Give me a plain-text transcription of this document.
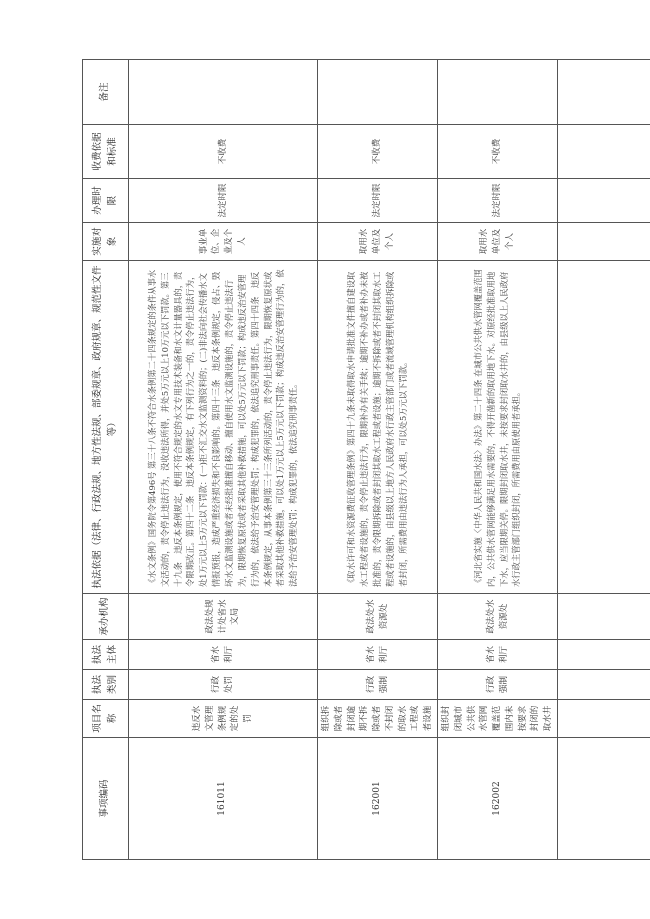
事项编码	项目名称	执法类别	执法主体	承办机构	执法依据（法律、行政法规、地方性法规、部委规章、政府规章、规范性文件等）	实施对象	办理时限	收费依据和标准	备注
161011	违反水文管理条例规定的处罚	行政处罚	省水利厅	政法处规计处省水文局	《水文条例》国务院令第496号 第三十八条不符合水条例第二十四条规定的条件从事水文活动的，责令停止违法行为，没收违法所得，并处5万元以上10万元以下罚款。第三十九条　违反本条例规定，使用不符合规定的水文专用技术装备和水文计量器具的，责令限期改正。第四十二条　违反本条例规定，有下列行为之一的，责令停止违法行为，处1万元以上5万元以下罚款：(一)拒不汇交水文监测资料的；(二)非法向社会传播水文情报预报，造成严重经济损失和不良影响的。第四十三条　违反本条例规定，侵占、毁坏水文监测设施或者未经批准擅自移动、擅自使用水文监测设施的，责令停止违法行为，限期恢复原状或者采取其他补救措施，可以处5万元以下罚款；构成违反治安管理行为的，依法给予治安管理处罚；构成犯罪的，依法追究刑事责任。第四十四条　违反本条例规定，从事本条例第三十三条所列活动的，责令停止违法行为，限期恢复原状或者采取其他补救措施，可以处1万元以上5万元以下罚款；构成违反治安管理行为的，依法给予治安管理处罚；构成犯罪的，依法追究刑事责任。	事业单位、企业及个人	法定时限	不收费	
162001	组织拆除或者封闭逾期不拆除或者不封闭的取水工程或者设施	行政强制	省水利厅	政法处水资源处	《取水许可和水资源费征收管理条例》第四十九条未取得取水申请批准文件擅自建设取水工程或者设施的，责令停止违法行为，限期补办有关手续；逾期不补办或者补办未被批准的，责令限期拆除或者封闭其取水工程或者设施；逾期不拆除或者不封闭其取水工程或者设施的，由县级以上地方人民政府水行政主管部门或者流域管理机构组织拆除或者封闭，所需费用由违法行为人承担，可以处5万元以下罚款。	取用水单位及个人	法定时限	不收费	
162002	组织封闭城市公共供水管网覆盖范围内未按要求封闭的取水井	行政强制	省水利厅	政法处水资源处	《河北省实施〈中华人民共和国水法〉办法》第二十四条 在城市公共供水管网覆盖范围内，公共供水管网能够满足用水需要的，不得开凿新的取用地下水。对原经批准取用地下水，应当限期关停。限期封闭取水井，未按要求封闭取水井的，由县级以上人民政府水行政主管部门组织封闭，所需费用由原使用者承担。	取用水单位及个人	法定时限	不收费	
